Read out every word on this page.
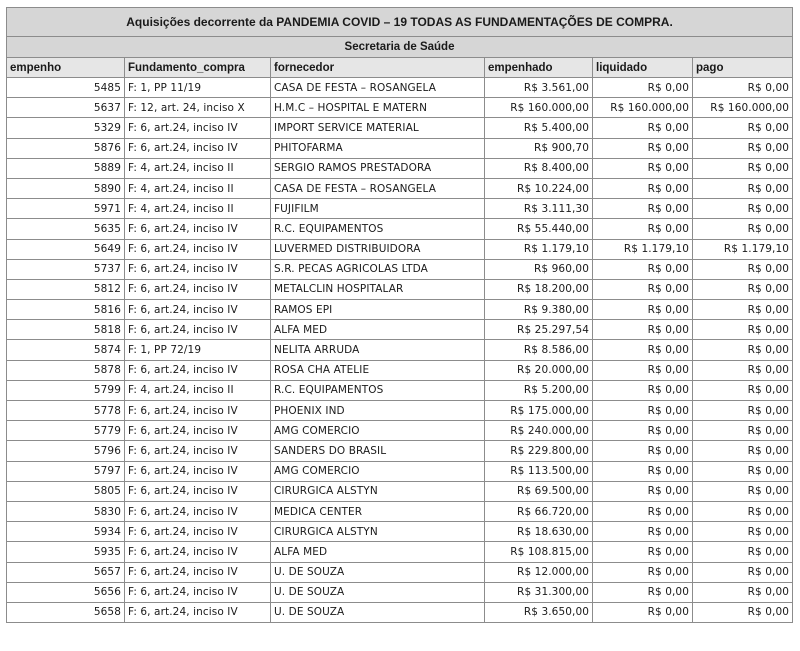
Aquisições decorrente da PANDEMIA COVID – 19 TODAS AS FUNDAMENTAÇÕES DE COMPRA.					
Secretaria de Saúde					
empenho	Fundamento_compra	fornecedor	empenhado	liquidado	pago
5485	F: 1, PP 11/19	CASA DE FESTA – ROSANGELA	R$ 3.561,00	R$ 0,00	R$ 0,00
5637	F: 12, art. 24, inciso X	H.M.C – HOSPITAL E MATERN	R$ 160.000,00	R$ 160.000,00	R$ 160.000,00
5329	F: 6, art.24, inciso IV	IMPORT SERVICE MATERIAL	R$ 5.400,00	R$ 0,00	R$ 0,00
5876	F: 6, art.24, inciso IV	PHITOFARMA	R$ 900,70	R$ 0,00	R$ 0,00
5889	F: 4, art.24, inciso II	SERGIO RAMOS PRESTADORA	R$ 8.400,00	R$ 0,00	R$ 0,00
5890	F: 4, art.24, inciso II	CASA DE FESTA – ROSANGELA	R$ 10.224,00	R$ 0,00	R$ 0,00
5971	F: 4, art.24, inciso II	FUJIFILM	R$ 3.111,30	R$ 0,00	R$ 0,00
5635	F: 6, art.24, inciso IV	R.C. EQUIPAMENTOS	R$ 55.440,00	R$ 0,00	R$ 0,00
5649	F: 6, art.24, inciso IV	LUVERMED DISTRIBUIDORA	R$ 1.179,10	R$ 1.179,10	R$ 1.179,10
5737	F: 6, art.24, inciso IV	S.R. PECAS AGRICOLAS LTDA	R$ 960,00	R$ 0,00	R$ 0,00
5812	F: 6, art.24, inciso IV	METALCLIN HOSPITALAR	R$ 18.200,00	R$ 0,00	R$ 0,00
5816	F: 6, art.24, inciso IV	RAMOS EPI	R$ 9.380,00	R$ 0,00	R$ 0,00
5818	F: 6, art.24, inciso IV	ALFA MED	R$ 25.297,54	R$ 0,00	R$ 0,00
5874	F: 1, PP 72/19	NELITA ARRUDA	R$ 8.586,00	R$ 0,00	R$ 0,00
5878	F: 6, art.24, inciso IV	ROSA CHA ATELIE	R$ 20.000,00	R$ 0,00	R$ 0,00
5799	F: 4, art.24, inciso II	R.C. EQUIPAMENTOS	R$ 5.200,00	R$ 0,00	R$ 0,00
5778	F: 6, art.24, inciso IV	PHOENIX IND	R$ 175.000,00	R$ 0,00	R$ 0,00
5779	F: 6, art.24, inciso IV	AMG COMERCIO	R$ 240.000,00	R$ 0,00	R$ 0,00
5796	F: 6, art.24, inciso IV	SANDERS DO BRASIL	R$ 229.800,00	R$ 0,00	R$ 0,00
5797	F: 6, art.24, inciso IV	AMG COMERCIO	R$ 113.500,00	R$ 0,00	R$ 0,00
5805	F: 6, art.24, inciso IV	CIRURGICA ALSTYN	R$ 69.500,00	R$ 0,00	R$ 0,00
5830	F: 6, art.24, inciso IV	MEDICA CENTER	R$ 66.720,00	R$ 0,00	R$ 0,00
5934	F: 6, art.24, inciso IV	CIRURGICA ALSTYN	R$ 18.630,00	R$ 0,00	R$ 0,00
5935	F: 6, art.24, inciso IV	ALFA MED	R$ 108.815,00	R$ 0,00	R$ 0,00
5657	F: 6, art.24, inciso IV	U. DE SOUZA	R$ 12.000,00	R$ 0,00	R$ 0,00
5656	F: 6, art.24, inciso IV	U. DE SOUZA	R$ 31.300,00	R$ 0,00	R$ 0,00
5658	F: 6, art.24, inciso IV	U. DE SOUZA	R$ 3.650,00	R$ 0,00	R$ 0,00
